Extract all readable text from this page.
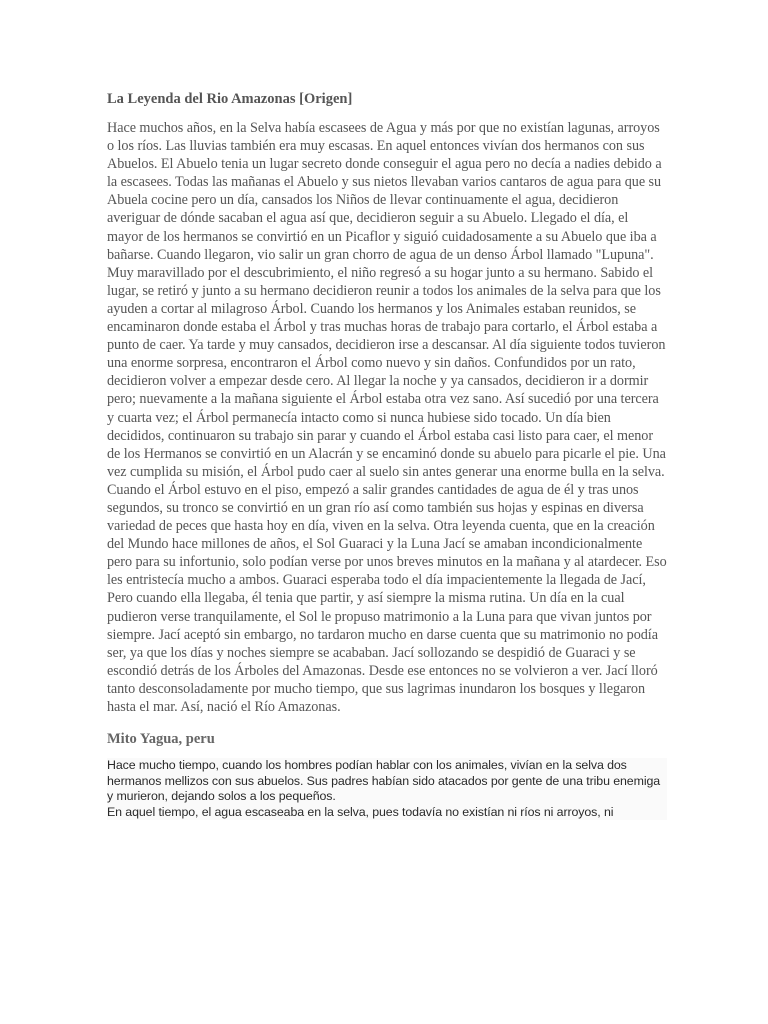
La Leyenda del Rio Amazonas [Origen]

Hace muchos años, en la Selva había escasees de Agua y más por que no existían lagunas, arroyos o los ríos. Las lluvias también era muy escasas. En aquel entonces vivían dos hermanos con sus Abuelos. El Abuelo tenia un lugar secreto donde conseguir el agua pero no decía a nadies debido a la escasees. Todas las mañanas el Abuelo y sus nietos llevaban varios cantaros de agua para que su Abuela cocine pero un día, cansados los Niños de llevar continuamente el agua, decidieron averiguar de dónde sacaban el agua así que, decidieron seguir a su Abuelo. Llegado el día, el mayor de los hermanos se convirtió en un Picaflor y siguió cuidadosamente a su Abuelo que iba a bañarse. Cuando llegaron, vio salir un gran chorro de agua de un denso Árbol llamado "Lupuna". Muy maravillado por el descubrimiento, el niño regresó a su hogar junto a su hermano. Sabido el lugar, se retiró y junto a su hermano decidieron reunir a todos los animales de la selva para que los ayuden a cortar al milagroso Árbol. Cuando los hermanos y los Animales estaban reunidos, se encaminaron donde estaba el Árbol y tras muchas horas de trabajo para cortarlo, el Árbol estaba a punto de caer. Ya tarde y muy cansados, decidieron irse a descansar. Al día siguiente todos tuvieron una enorme sorpresa, encontraron el Árbol como nuevo y sin daños. Confundidos por un rato, decidieron volver a empezar desde cero. Al llegar la noche y ya cansados, decidieron ir a dormir pero; nuevamente a la mañana siguiente el Árbol estaba otra vez sano. Así sucedió por una tercera y cuarta vez; el Árbol permanecía intacto como si nunca hubiese sido tocado. Un día bien decididos, continuaron su trabajo sin parar y cuando el Árbol estaba casi listo para caer, el menor de los Hermanos se convirtió en un Alacrán y se encaminó donde su abuelo para picarle el pie. Una vez cumplida su misión, el Árbol pudo caer al suelo sin antes generar una enorme bulla en la selva. Cuando el Árbol estuvo en el piso, empezó a salir grandes cantidades de agua de él y tras unos segundos, su tronco se convirtió en un gran río así como también sus hojas y espinas en diversa variedad de peces que hasta hoy en día, viven en la selva. Otra leyenda cuenta, que en la creación del Mundo hace millones de años, el Sol Guaraci y la Luna Jací se amaban incondicionalmente pero para su infortunio, solo podían verse por unos breves minutos en la mañana y al atardecer. Eso les entristecía mucho a ambos. Guaraci esperaba todo el día impacientemente la llegada de Jací, Pero cuando ella llegaba, él tenia que partir, y así siempre la misma rutina. Un día en la cual pudieron verse tranquilamente, el Sol le propuso matrimonio a la Luna para que vivan juntos por siempre. Jací aceptó sin embargo, no tardaron mucho en darse cuenta que su matrimonio no podía ser, ya que los días y noches siempre se acababan. Jací sollozando se despidió de Guaraci y se escondió detrás de los Árboles del Amazonas. Desde ese entonces no se volvieron a ver. Jací lloró tanto desconsoladamente por mucho tiempo, que sus lagrimas inundaron los bosques y llegaron hasta el mar. Así, nació el Río Amazonas.

Mito Yagua, peru
Hace mucho tiempo, cuando los hombres podían hablar con los animales, vivían en la selva dos hermanos mellizos con sus abuelos. Sus padres habían sido atacados por gente de una tribu enemiga y murieron, dejando solos a los pequeños.
En aquel tiempo, el agua escaseaba en la selva, pues todavía no existían ni ríos ni arroyos, ni
